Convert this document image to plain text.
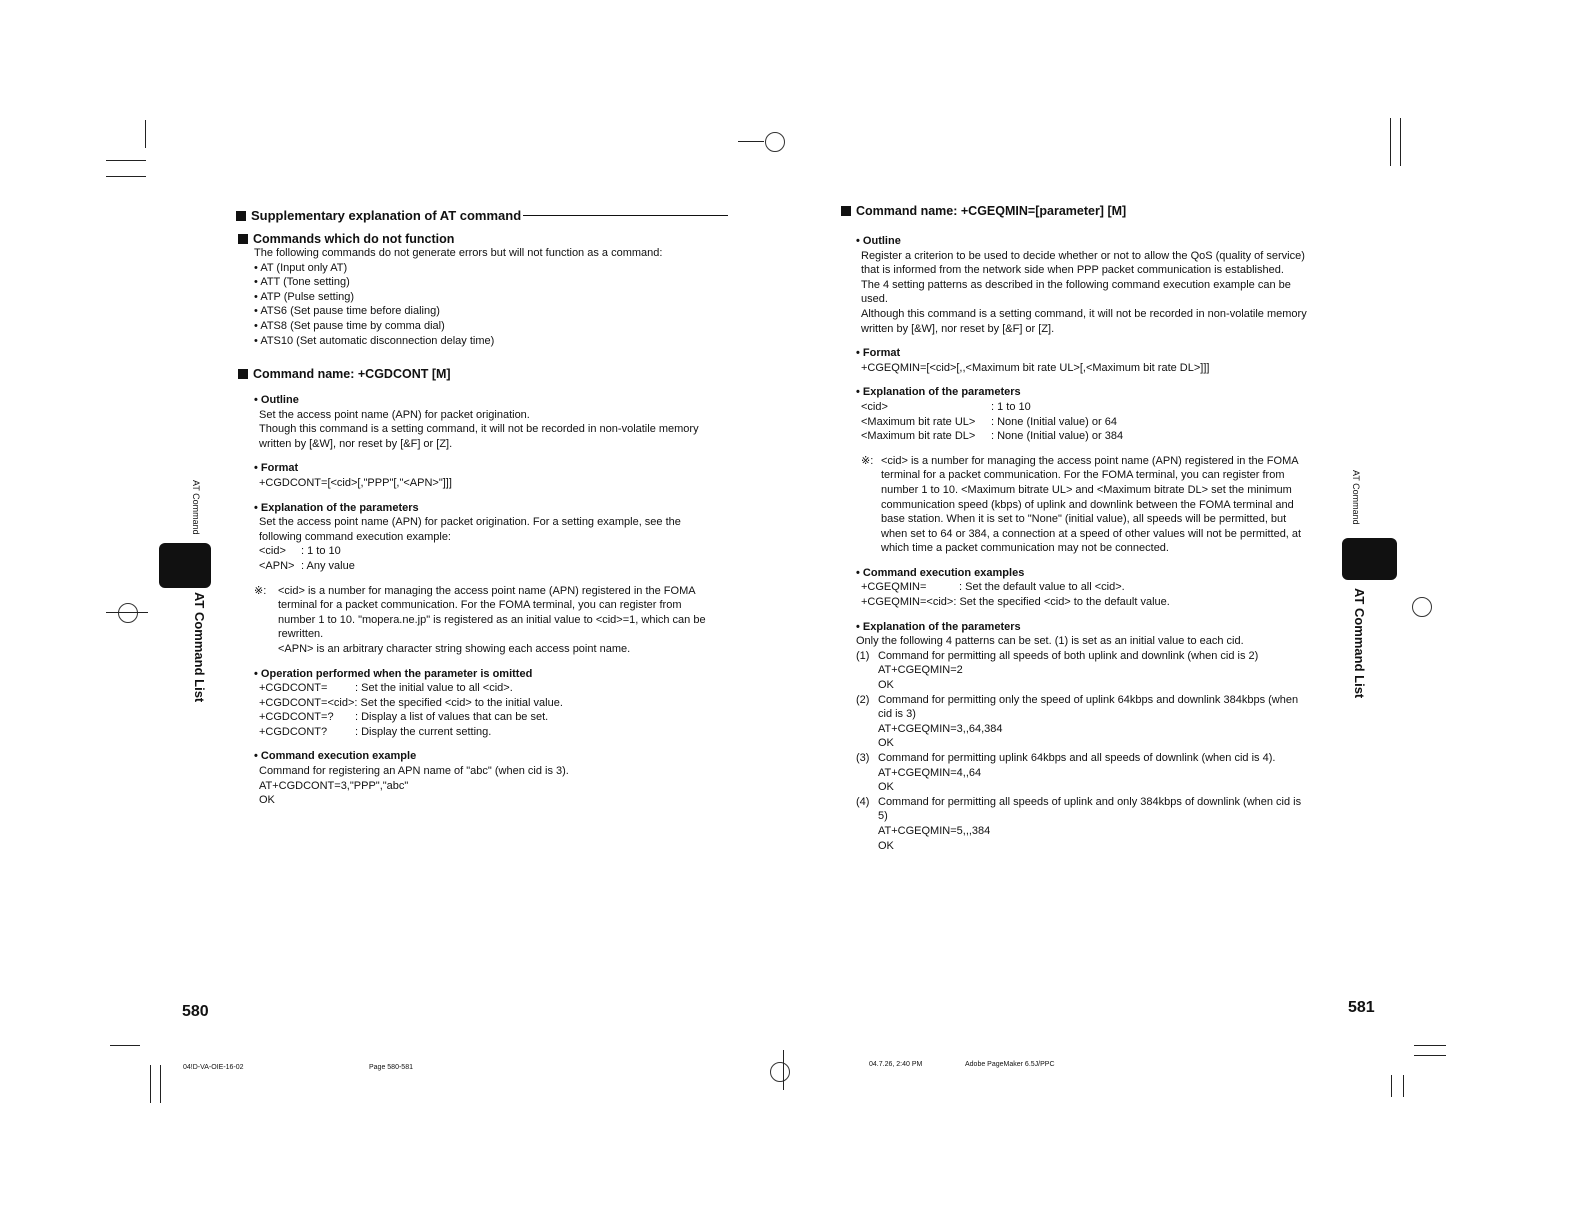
Supplementary explanation of AT command
Commands which do not function
The following commands do not generate errors but will not function as a command:
• AT (Input only AT)
• ATT (Tone setting)
• ATP (Pulse setting)
• ATS6 (Set pause time before dialing)
• ATS8 (Set pause time by comma dial)
• ATS10 (Set automatic disconnection delay time)
Command name: +CGDCONT [M]
• Outline
Set the access point name (APN) for packet origination.
Though this command is a setting command, it will not be recorded in non-volatile memory
written by [&W], nor reset by [&F] or [Z].
• Format
+CGDCONT=[<cid>[,"PPP"[,"<APN>"]]]
• Explanation of the parameters
Set the access point name (APN) for packet origination. For a setting example, see the
following command execution example:
<cid>	: 1 to 10
<APN> : Any value
※:	<cid> is a number for managing the access point name (APN) registered in the FOMA
terminal for a packet communication. For the FOMA terminal, you can register from
number 1 to 10. "mopera.ne.jp" is registered as an initial value to <cid>=1, which can be
rewritten.
<APN> is an arbitrary character string showing each access point name.
• Operation performed when the parameter is omitted
+CGDCONT=	: Set the initial value to all <cid>.
+CGDCONT=<cid> : Set the specified <cid> to the initial value.
+CGDCONT=?	: Display a list of values that can be set.
+CGDCONT?	: Display the current setting.
• Command execution example
Command for registering an APN name of "abc" (when cid is 3).
AT+CGDCONT=3,"PPP","abc"
OK
AT Command
AT Command List
580
04!D-VA-OIE-16-02	Page 580-581
Command name: +CGEQMIN=[parameter] [M]
• Outline
Register a criterion to be used to decide whether or not to allow the QoS (quality of service)
that is informed from the network side when PPP packet communication is established.
The 4 setting patterns as described in the following command execution example can be
used.
Although this command is a setting command, it will not be recorded in non-volatile memory
written by [&W], nor reset by [&F] or [Z].
• Format
+CGEQMIN=[<cid>[,,<Maximum bit rate UL>[,<Maximum bit rate DL>]]]
• Explanation of the parameters
<cid>	: 1 to 10
<Maximum bit rate UL>	: None (Initial value) or 64
<Maximum bit rate DL>	: None (Initial value) or 384
※: <cid> is a number for managing the access point name (APN) registered in the FOMA
terminal for a packet communication. For the FOMA terminal, you can register from
number 1 to 10. <Maximum bitrate UL> and <Maximum bitrate DL> set the minimum
communication speed (kbps) of uplink and downlink between the FOMA terminal and
base station. When it is set to "None" (initial value), all speeds will be permitted, but
when set to 64 or 384, a connection at a speed of other values will not be permitted, at
which time a packet communication may not be connected.
• Command execution examples
+CGEQMIN=	: Set the default value to all <cid>.
+CGEQMIN=<cid> : Set the specified <cid> to the default value.
• Explanation of the parameters
Only the following 4 patterns can be set. (1) is set as an initial value to each cid.
(1) Command for permitting all speeds of both uplink and downlink (when cid is 2)
AT+CGEQMIN=2
OK
(2) Command for permitting only the speed of uplink 64kbps and downlink 384kbps (when
cid is 3)
AT+CGEQMIN=3,,64,384
OK
(3) Command for permitting uplink 64kbps and all speeds of downlink (when cid is 4).
AT+CGEQMIN=4,,64
OK
(4) Command for permitting all speeds of uplink and only 384kbps of downlink (when cid is
5)
AT+CGEQMIN=5,,,384
OK
AT Command
AT Command List
581
04.7.26, 2:40 PM	Adobe PageMaker 6.5J/PPC
